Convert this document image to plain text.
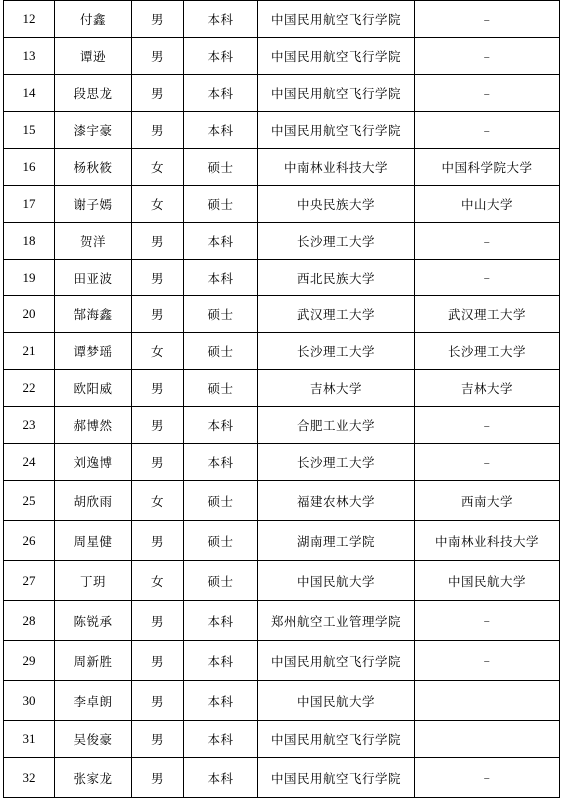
12	付鑫	男	本科	中国民用航空飞行学院	–
13	谭逊	男	本科	中国民用航空飞行学院	–
14	段思龙	男	本科	中国民用航空飞行学院	–
15	漆宇豪	男	本科	中国民用航空飞行学院	–
16	杨秋筱	女	硕士	中南林业科技大学	中国科学院大学
17	谢子嫣	女	硕士	中央民族大学	中山大学
18	贺洋	男	本科	长沙理工大学	–
19	田亚波	男	本科	西北民族大学	–
20	郜海鑫	男	硕士	武汉理工大学	武汉理工大学
21	谭梦瑶	女	硕士	长沙理工大学	长沙理工大学
22	欧阳威	男	硕士	吉林大学	吉林大学
23	郝博然	男	本科	合肥工业大学	–
24	刘逸博	男	本科	长沙理工大学	–
25	胡欣雨	女	硕士	福建农林大学	西南大学
26	周星健	男	硕士	湖南理工学院	中南林业科技大学
27	丁玥	女	硕士	中国民航大学	中国民航大学
28	陈锐承	男	本科	郑州航空工业管理学院	–
29	周新胜	男	本科	中国民用航空飞行学院	–
30	李卓朗	男	本科	中国民航大学	
31	吴俊豪	男	本科	中国民用航空飞行学院	
32	张家龙	男	本科	中国民用航空飞行学院	–
